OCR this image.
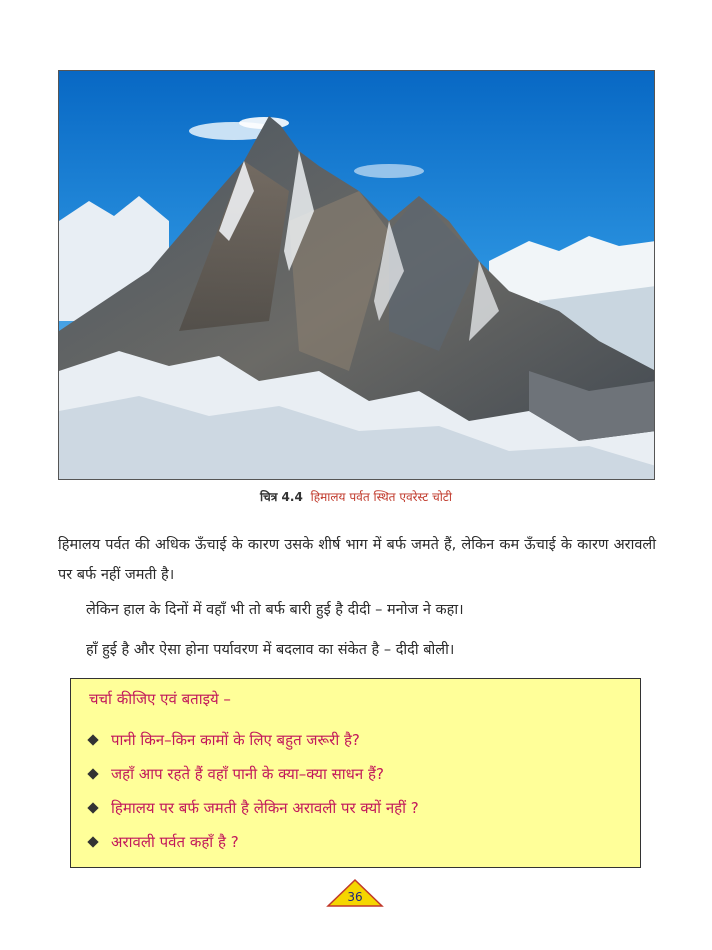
चित्र 4.4 हिमालय पर्वत स्थित एवरेस्ट चोटी
हिमालय पर्वत की अधिक ऊँचाई के कारण उसके शीर्ष भाग में बर्फ जमते हैं, लेकिन कम ऊँचाई के कारण अरावली पर बर्फ नहीं जमती है।
लेकिन हाल के दिनों में वहाँ भी तो बर्फ बारी हुई है दीदी – मनोज ने कहा।
हाँ हुई है और ऐसा होना पर्यावरण में बदलाव का संकेत है – दीदी बोली।
चर्चा कीजिए एवं बताइये –
पानी किन–किन कामों के लिए बहुत जरूरी है?
जहाँ आप रहते हैं वहाँ पानी के क्या–क्या साधन हैं?
हिमालय पर बर्फ जमती है लेकिन अरावली पर क्यों नहीं ?
अरावली पर्वत कहाँ है ?
36
